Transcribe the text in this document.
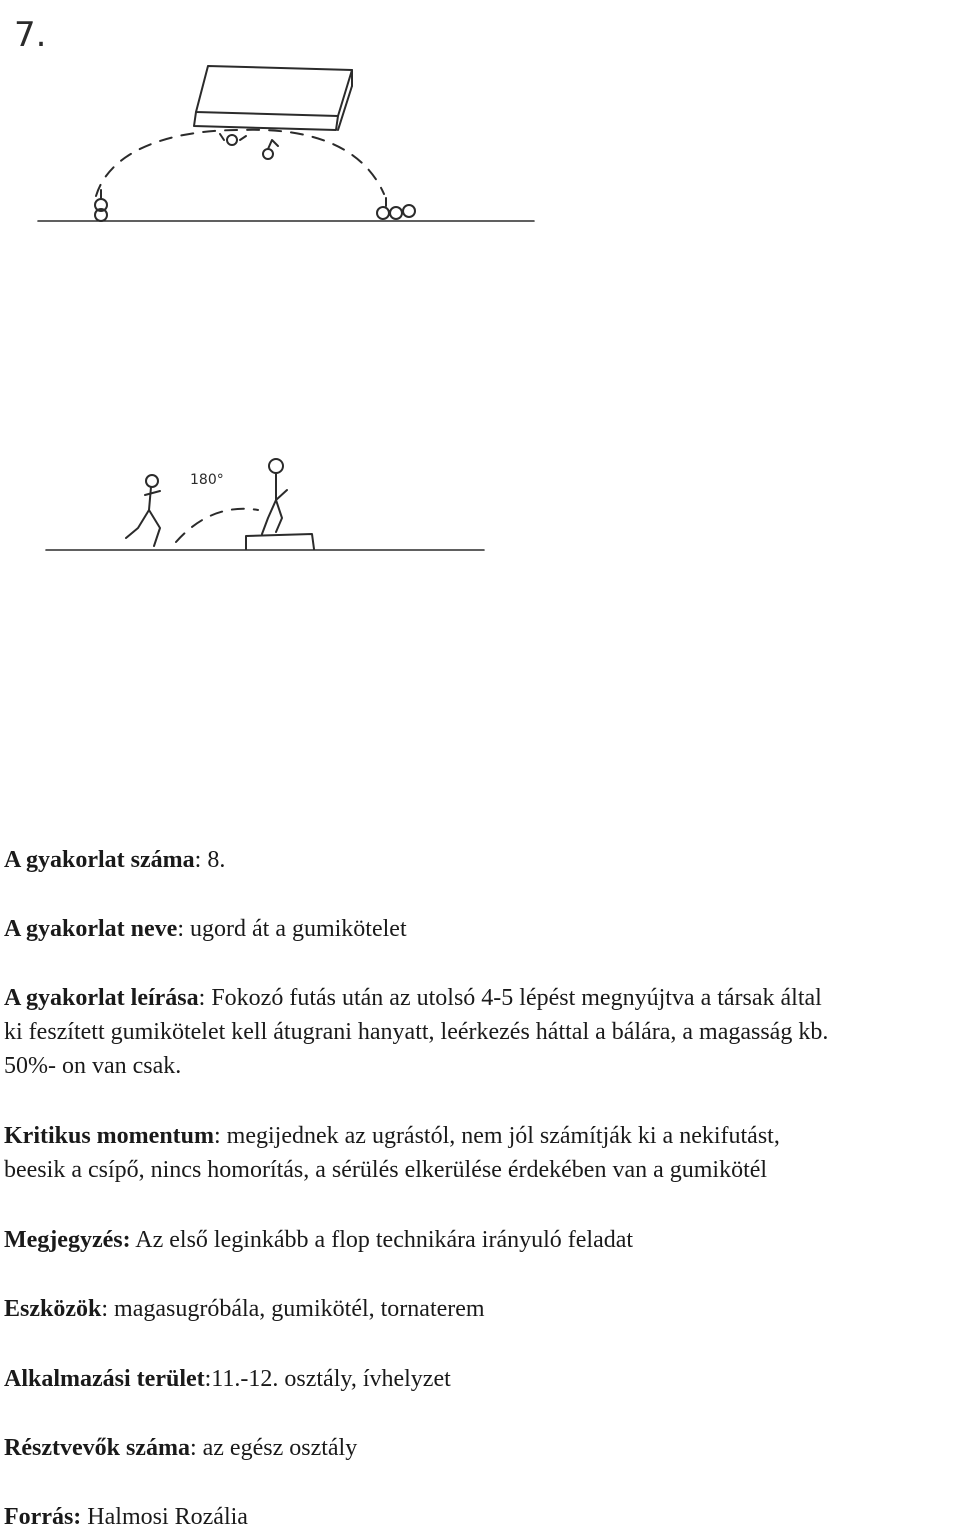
7.
180°
A gyakorlat száma: 8.
A gyakorlat neve: ugord át a gumikötelet
A gyakorlat leírása: Fokozó futás után az utolsó 4-5 lépést megnyújtva a társak által
ki feszített gumikötelet kell átugrani hanyatt, leérkezés háttal a bálára, a magasság kb.
50%- on van csak.
Kritikus momentum: megijednek az ugrástól, nem jól számítják ki a nekifutást,
beesik a csípő, nincs homorítás, a sérülés elkerülése érdekében van a gumikötél
Megjegyzés: Az első leginkább a flop technikára irányuló feladat
Eszközök: magasugróbála, gumikötél, tornaterem
Alkalmazási terület:11.-12. osztály, ívhelyzet
Résztvevők száma: az egész osztály
Forrás: Halmosi Rozália
